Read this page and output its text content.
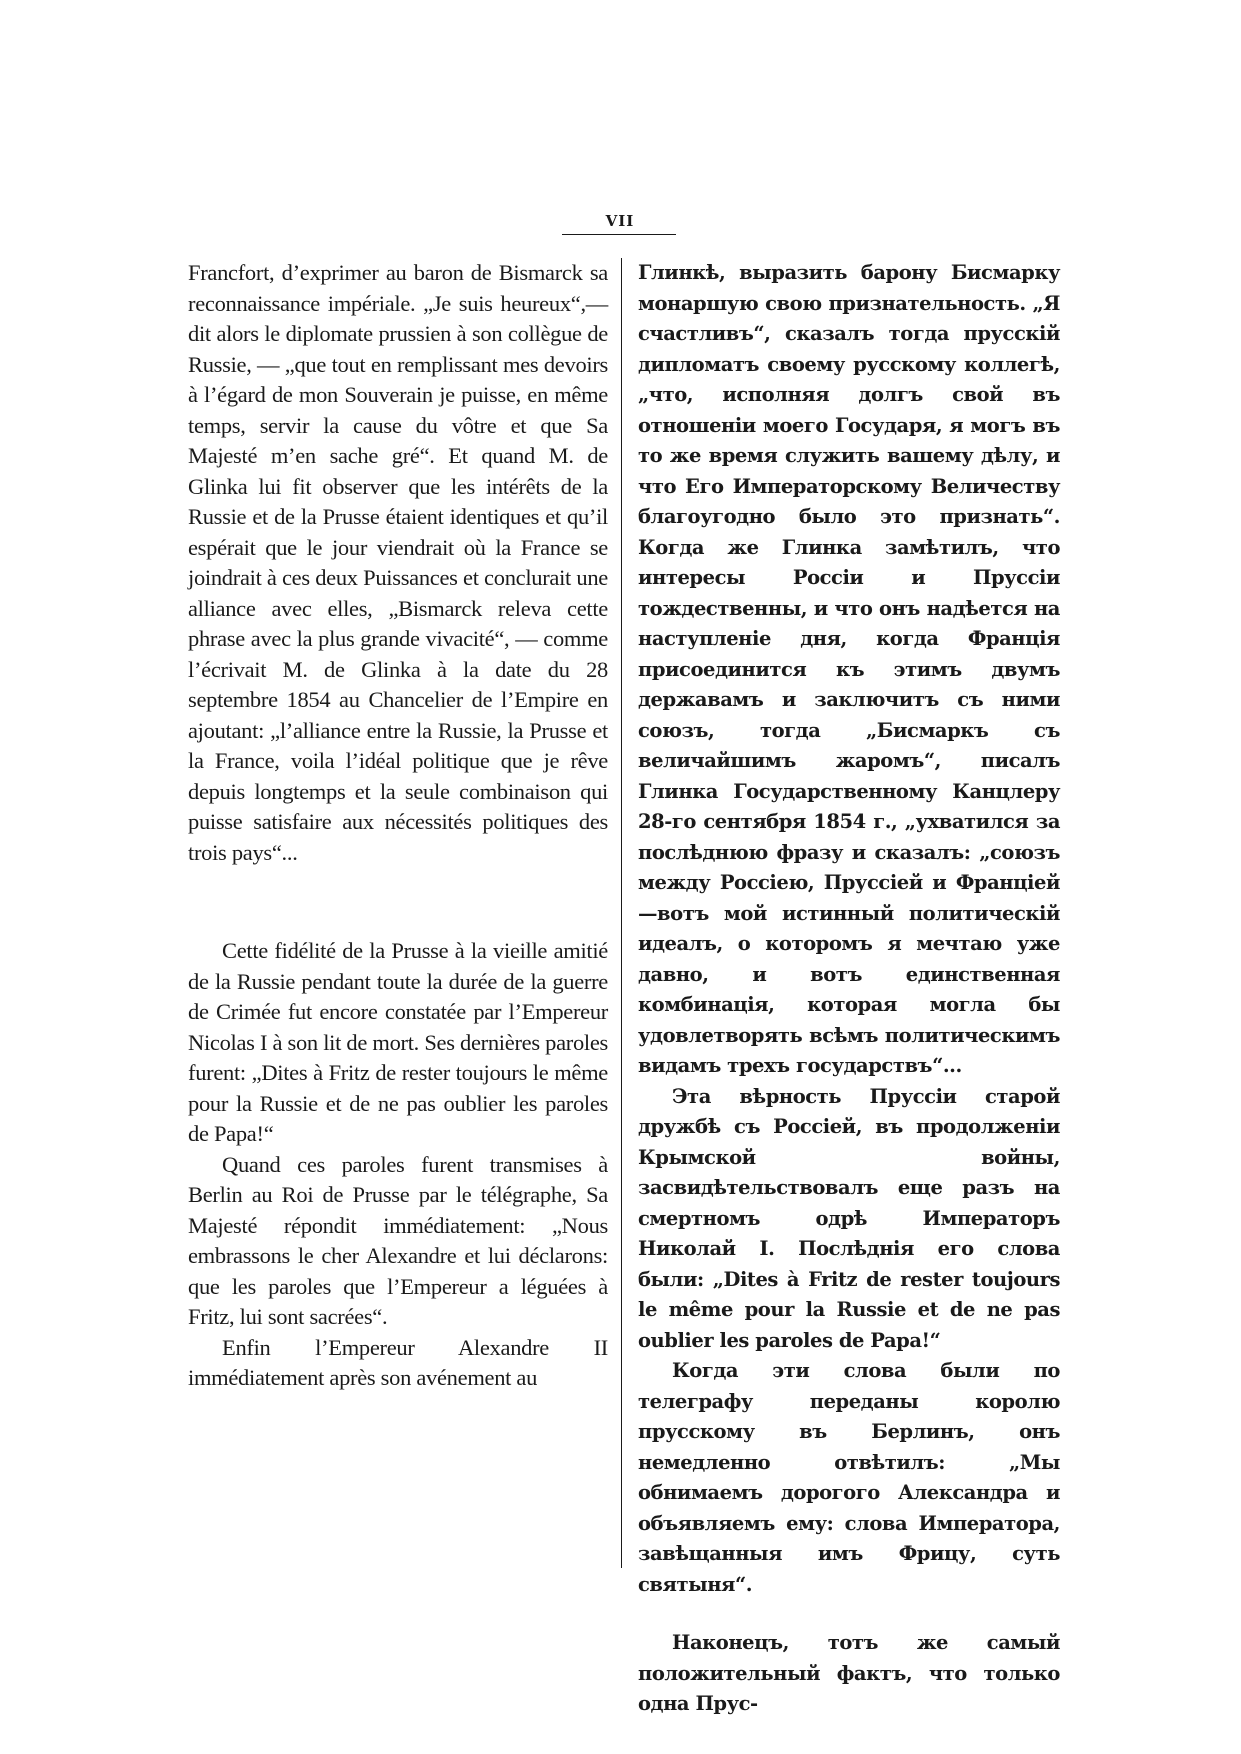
VII

Francfort, d’exprimer au baron de Bismarck sa reconnaissance impériale. „Je suis heureux“,—dit alors le diplomate prussien à son collègue de Russie, — „que tout en remplissant mes devoirs à l’égard de mon Souverain je puisse, en même temps, servir la cause du vôtre et que Sa Majesté m’en sache gré“. Et quand M. de Glinka lui fit observer que les intérêts de la Russie et de la Prusse étaient identiques et qu’il espérait que le jour viendrait où la France se joindrait à ces deux Puissances et conclurait une alliance avec elles, „Bismarck releva cette phrase avec la plus grande vivacité“, — comme l’écrivait M. de Glinka à la date du 28 septembre 1854 au Chancelier de l’Empire en ajoutant: „l’alliance entre la Russie, la Prusse et la France, voila l’idéal politique que je rêve depuis longtemps et la seule combinaison qui puisse satisfaire aux nécessités politiques des trois pays“...

Cette fidélité de la Prusse à la vieille amitié de la Russie pendant toute la durée de la guerre de Crimée fut encore constatée par l’Empereur Nicolas I à son lit de mort. Ses dernières paroles furent: „Dites à Fritz de rester toujours le même pour la Russie et de ne pas oublier les paroles de Papa!“

Quand ces paroles furent transmises à Berlin au Roi de Prusse par le télégraphe, Sa Majesté répondit immédiatement: „Nous embrassons le cher Alexandre et lui déclarons: que les paroles que l’Empereur a léguées à Fritz, lui sont sacrées“.

Enfin l’Empereur Alexandre II immédiatement après son avénement au

Глинкѣ, выразить барону Бисмарку монаршую свою признательность. „Я счастливъ“, сказалъ тогда прусскій дипломатъ своему русскому коллегѣ, „что, исполняя долгъ свой въ отношеніи моего Государя, я могъ въ то же время служить вашему дѣлу, и что Его Императорскому Величеству благоугодно было это признать“. Когда же Глинка замѣтилъ, что интересы Россіи и Пруссіи тождественны, и что онъ надѣется на наступленіе дня, когда Франція присоединится къ этимъ двумъ державамъ и заключитъ съ ними союзъ, тогда „Бисмаркъ съ величайшимъ жаромъ“, писалъ Глинка Государственному Канцлеру 28-го сентября 1854 г., „ухватился за послѣднюю фразу и сказалъ: „союзъ между Россіею, Пруссіей и Франціей—вотъ мой истинный политическій идеалъ, о которомъ я мечтаю уже давно, и вотъ единственная комбинація, которая могла бы удовлетворять всѣмъ политическимъ видамъ трехъ государствъ“...

Эта вѣрность Пруссіи старой дружбѣ съ Россіей, въ продолженіи Крымской войны, засвидѣтельствовалъ еще разъ на смертномъ одрѣ Императоръ Николай I. Послѣднія его слова были: „Dites à Fritz de rester toujours le même pour la Russie et de ne pas oublier les paroles de Papa!“

Когда эти слова были по телеграфу переданы королю прусскому въ Берлинъ, онъ немедленно отвѣтилъ: „Мы обнимаемъ дорогого Александра и объявляемъ ему: слова Императора, завѣщанныя имъ Фрицу, суть святыня“.

Наконецъ, тотъ же самый положительный фактъ, что только одна Прус-
